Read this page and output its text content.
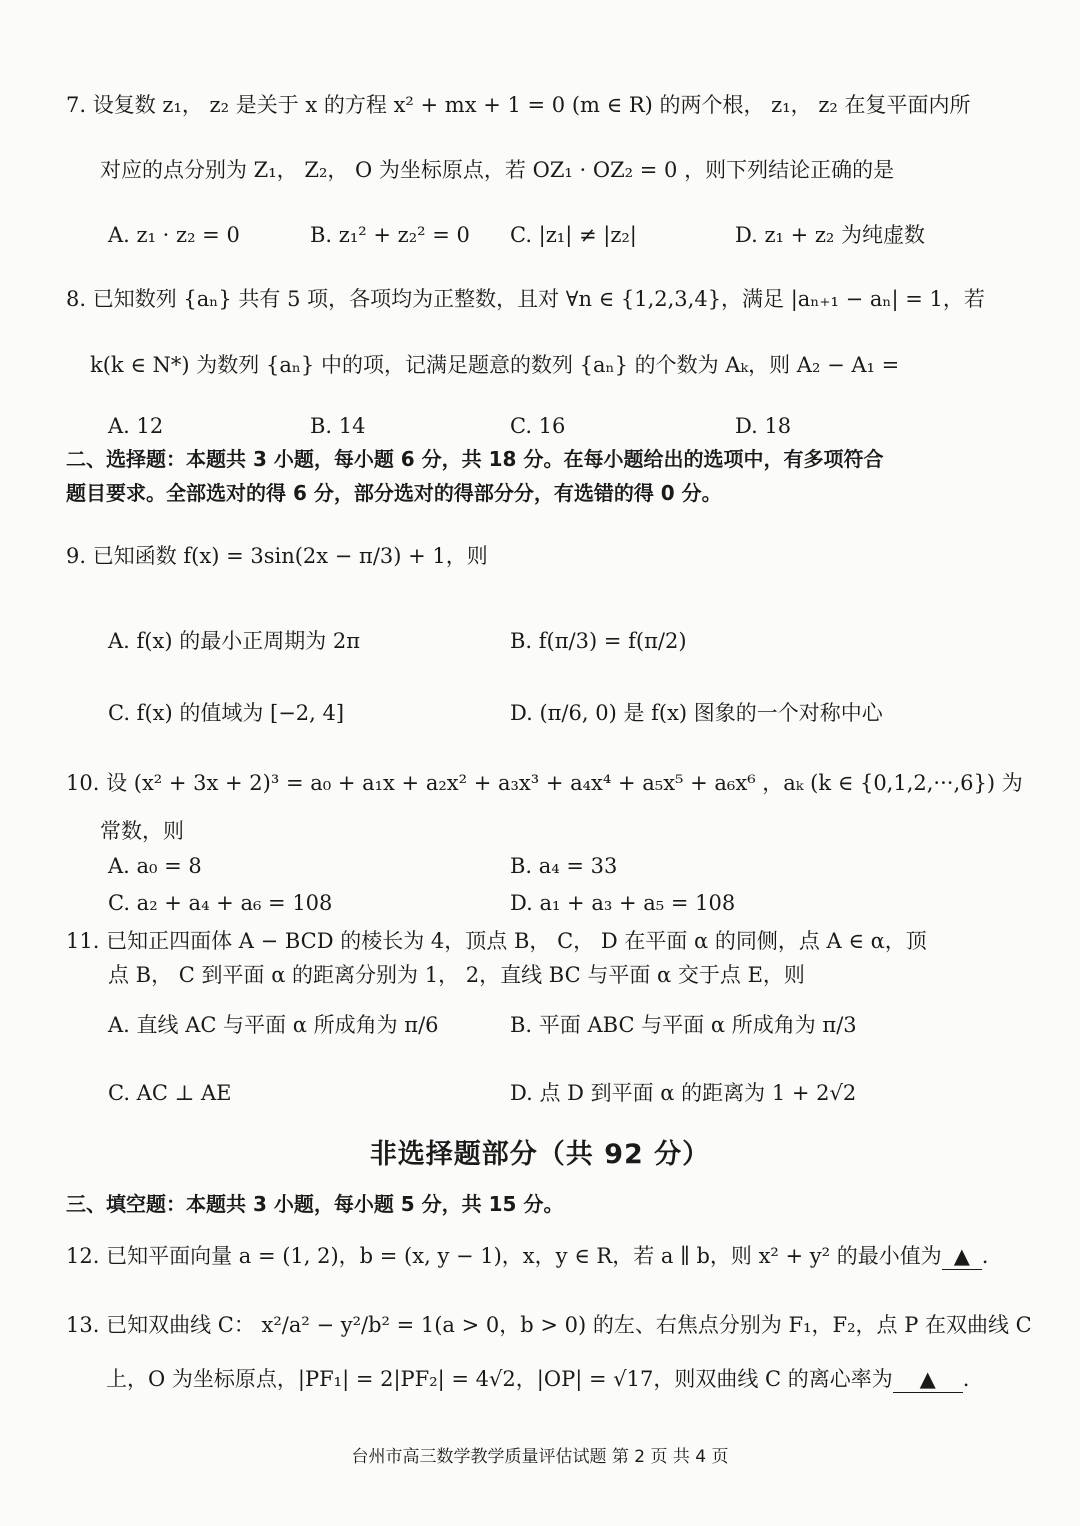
7. 设复数 z₁， z₂ 是关于 x 的方程 x² + mx + 1 = 0 (m ∈ R) 的两个根， z₁， z₂ 在复平面内所
对应的点分别为 Z₁， Z₂， O 为坐标原点，若 OZ₁ · OZ₂ = 0 ，则下列结论正确的是
A. z₁ · z₂ = 0	B. z₁² + z₂² = 0 C. |z₁| ≠ |z₂|	D. z₁ + z₂ 为纯虚数
8. 已知数列 {aₙ} 共有 5 项，各项均为正整数，且对 ∀n ∈ {1,2,3,4}，满足 |aₙ₊₁ − aₙ| = 1，若
k(k ∈ N*) 为数列 {aₙ} 中的项，记满足题意的数列 {aₙ} 的个数为 Aₖ，则 A₂ − A₁ =
A. 12	B. 14	C. 16	D. 18
二、选择题：本题共 3 小题，每小题 6 分，共 18 分。在每小题给出的选项中，有多项符合
题目要求。全部选对的得 6 分，部分选对的得部分分，有选错的得 0 分。
9. 已知函数 f(x) = 3sin(2x − π/3) + 1，则
A. f(x) 的最小正周期为 2π	B. f(π/3) = f(π/2)
C. f(x) 的值域为 [−2, 4]	D. (π/6, 0) 是 f(x) 图象的一个对称中心
10. 设 (x² + 3x + 2)³ = a₀ + a₁x + a₂x² + a₃x³ + a₄x⁴ + a₅x⁵ + a₆x⁶ ，aₖ (k ∈ {0,1,2,···,6}) 为
常数，则
A. a₀ = 8	B. a₄ = 33
C. a₂ + a₄ + a₆ = 108	D. a₁ + a₃ + a₅ = 108
11. 已知正四面体 A − BCD 的棱长为 4，顶点 B， C， D 在平面 α 的同侧，点 A ∈ α，顶
点 B， C 到平面 α 的距离分别为 1， 2，直线 BC 与平面 α 交于点 E，则
A. 直线 AC 与平面 α 所成角为 π/6	B. 平面 ABC 与平面 α 所成角为 π/3
C. AC ⊥ AE	D. 点 D 到平面 α 的距离为 1 + 2√2
非选择题部分（共 92 分）
三、填空题：本题共 3 小题，每小题 5 分，共 15 分。
12. 已知平面向量 a = (1, 2)，b = (x, y − 1)，x，y ∈ R，若 a ∥ b，则 x² + y² 的最小值为 ▲ .
13. 已知双曲线 C： x²/a² − y²/b² = 1(a > 0，b > 0) 的左、右焦点分别为 F₁，F₂，点 P 在双曲线 C
上，O 为坐标原点，|PF₁| = 2|PF₂| = 4√2，|OP| = √17，则双曲线 C 的离心率为 ▲ .
台州市高三数学教学质量评估试题 第 2 页 共 4 页
